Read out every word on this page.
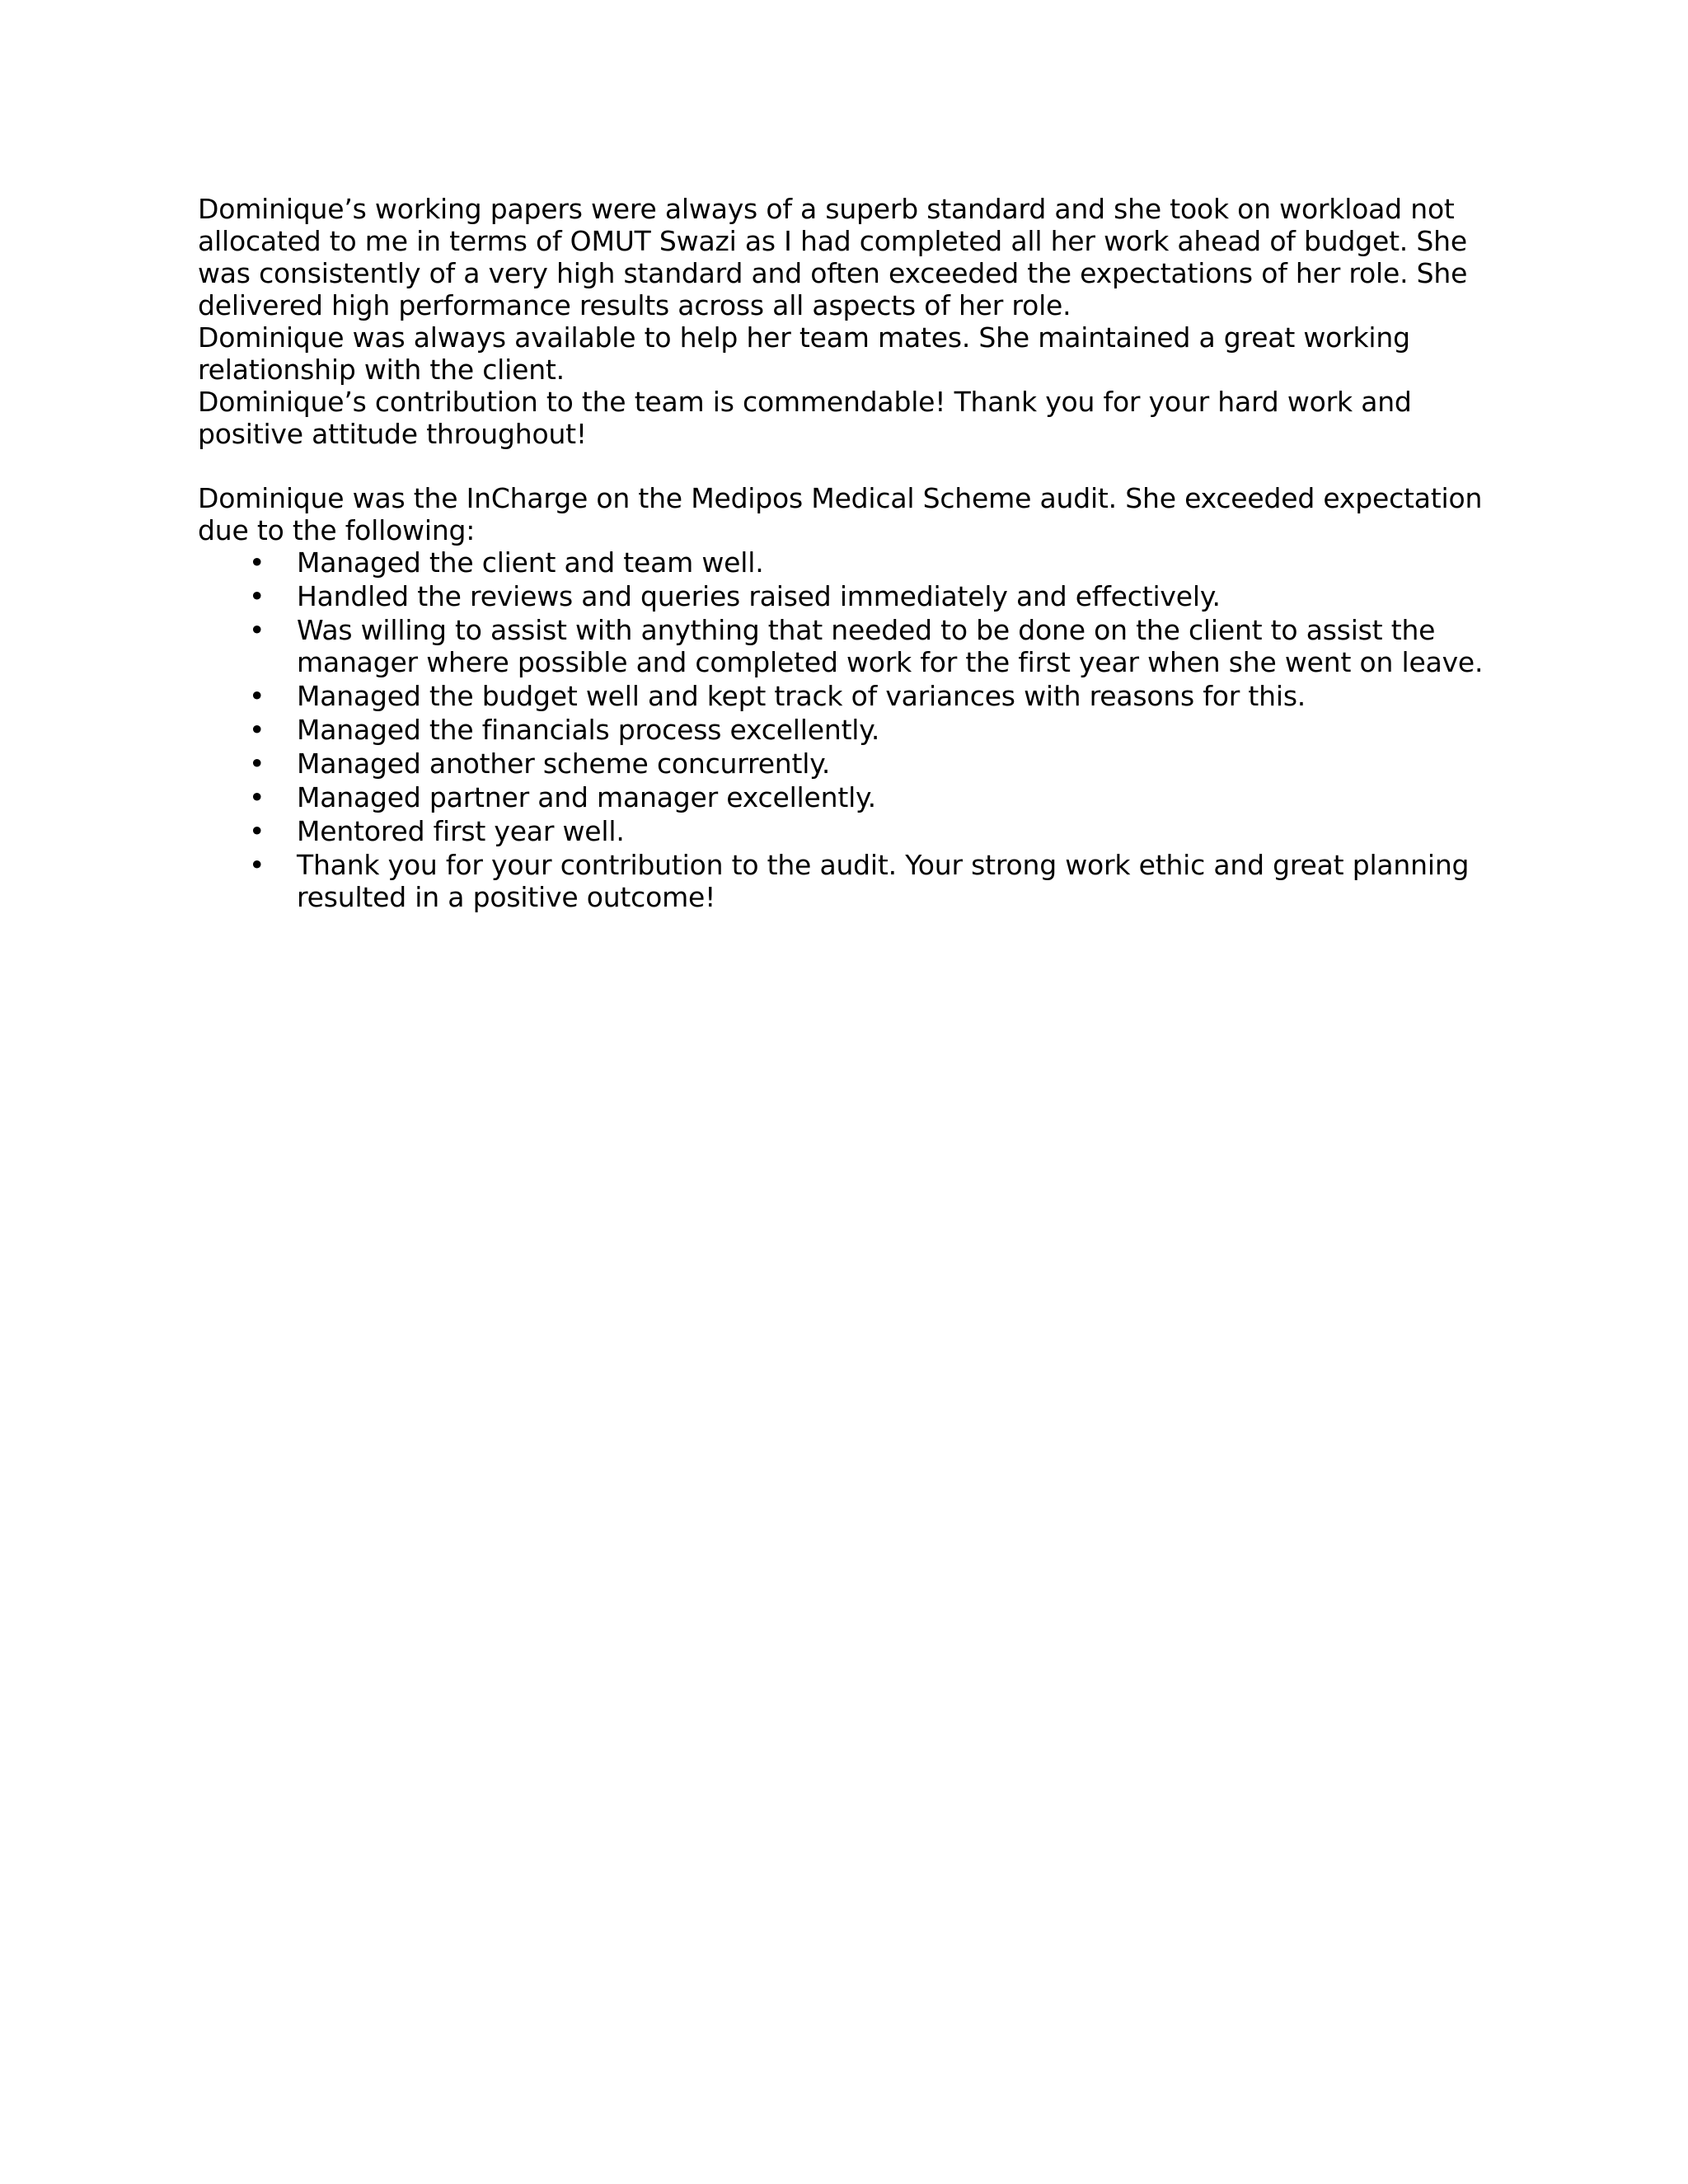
Dominique’s working papers were always of a superb standard and she took on workload not allocated to me in terms of OMUT Swazi as I had completed all her work ahead of budget. She was consistently of a very high standard and often exceeded the expectations of her role. She delivered high performance results across all aspects of her role.

Dominique was always available to help her team mates. She maintained a great working relationship with the client.

Dominique’s contribution to the team is commendable! Thank you for your hard work and positive attitude throughout!

Dominique was the InCharge on the Medipos Medical Scheme audit. She exceeded expectation due to the following:

• Managed the client and team well.
• Handled the reviews and queries raised immediately and effectively.
• Was willing to assist with anything that needed to be done on the client to assist the manager where possible and completed work for the first year when she went on leave.
• Managed the budget well and kept track of variances with reasons for this.
• Managed the financials process excellently.
• Managed another scheme concurrently.
• Managed partner and manager excellently.
• Mentored first year well.
• Thank you for your contribution to the audit. Your strong work ethic and great planning resulted in a positive outcome!
